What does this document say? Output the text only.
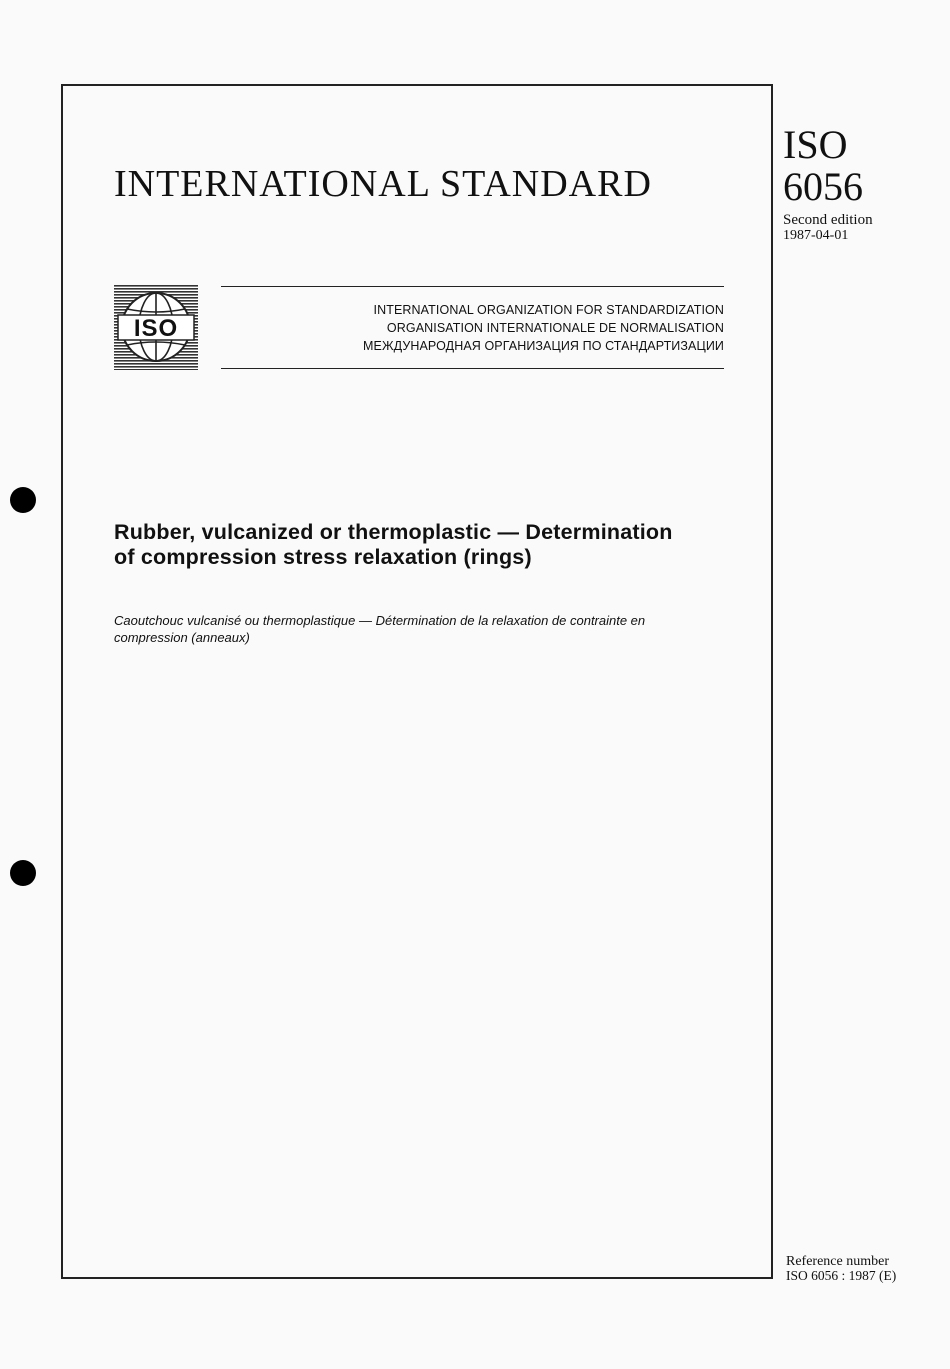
INTERNATIONAL STANDARD
ISO
6056
Second edition
1987-04-01
ISO
INTERNATIONAL ORGANIZATION FOR STANDARDIZATION
ORGANISATION INTERNATIONALE DE NORMALISATION
МЕЖДУНАРОДНАЯ ОРГАНИЗАЦИЯ ПО СТАНДАРТИЗАЦИИ
Rubber, vulcanized or thermoplastic — Determination
of compression stress relaxation (rings)
Caoutchouc vulcanisé ou thermoplastique — Détermination de la relaxation de contrainte en
compression (anneaux)
Reference number
ISO 6056 : 1987 (E)
